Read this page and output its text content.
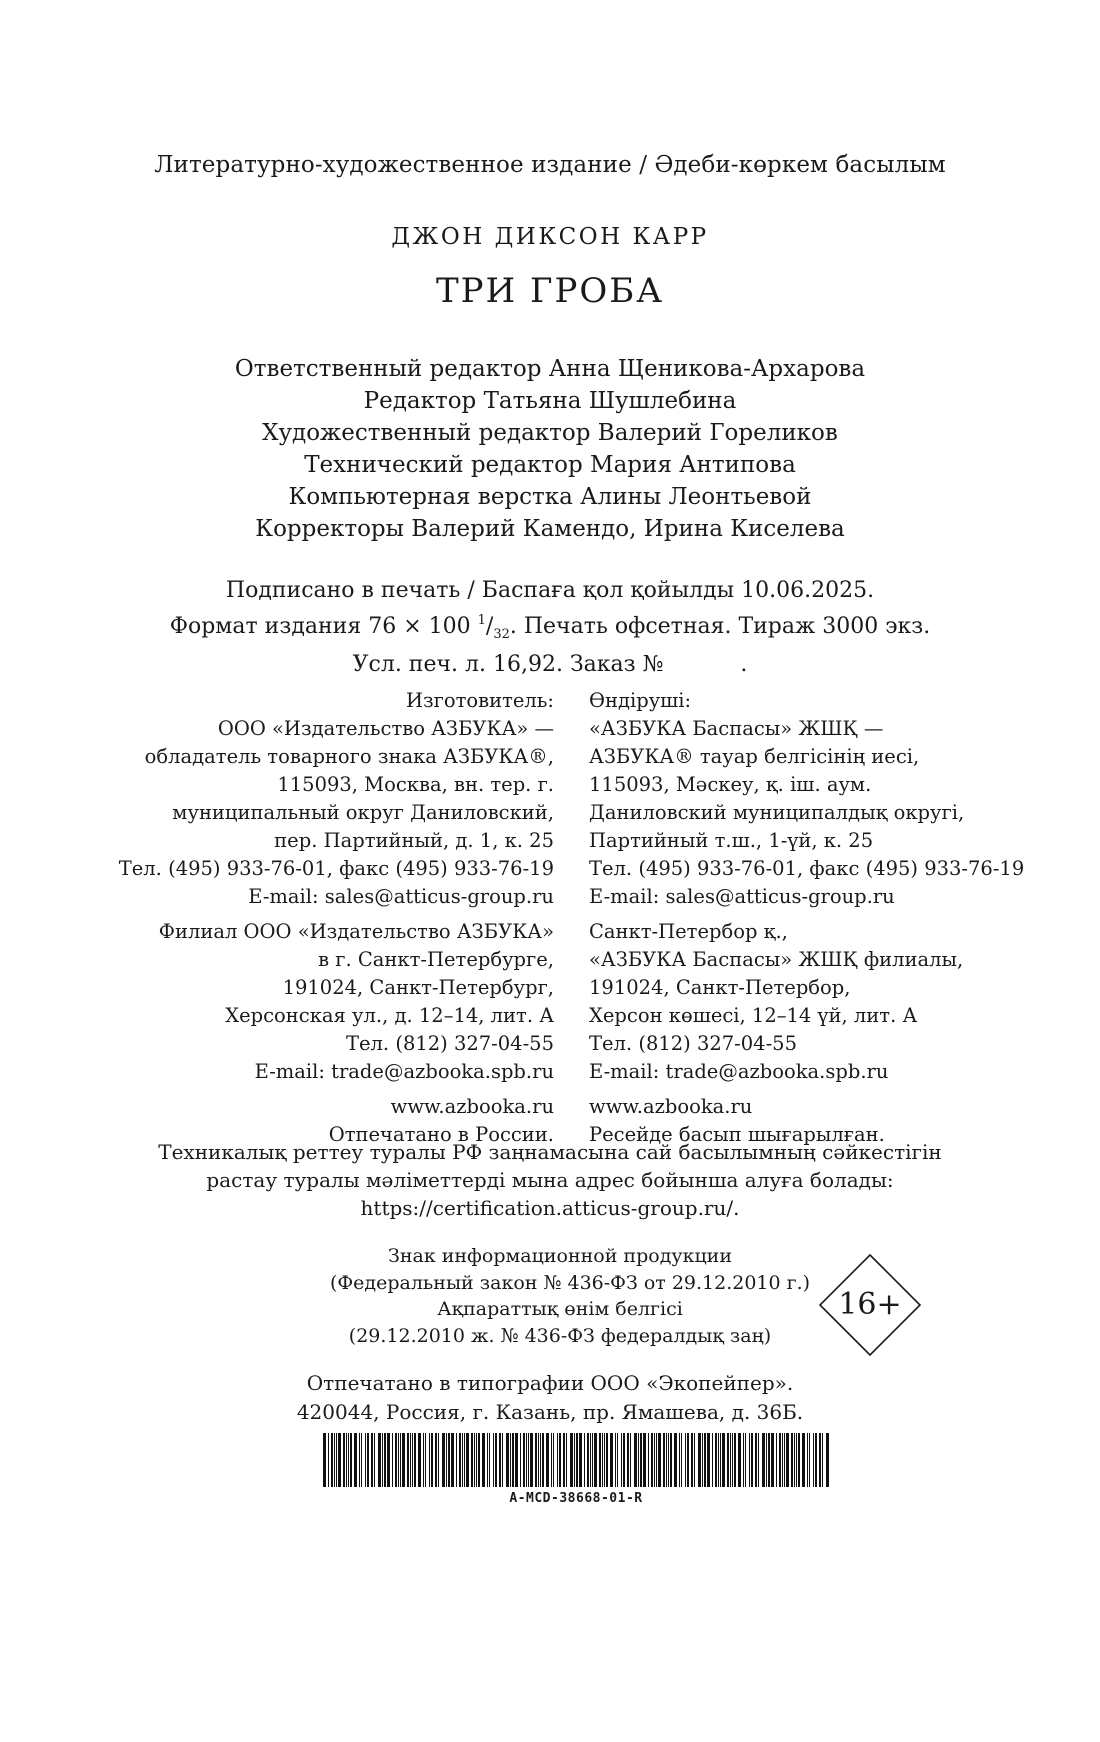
Литературно-художественное издание / Әдеби-көркем басылым
ДЖОН ДИКСОН КАРР
ТРИ ГРОБА
Ответственный редактор Анна Щеникова-Архарова
Редактор Татьяна Шушлебина
Художественный редактор Валерий Гореликов
Технический редактор Мария Антипова
Компьютерная верстка Алины Леонтьевой
Корректоры Валерий Камендо, Ирина Киселева
Подписано в печать / Баспаға қол қойылды 10.06.2025.
Формат издания 76 × 100 $^1/_{32}$. Печать офсетная. Тираж 3000 экз.
Усл. печ. л. 16,92. Заказ №           .
Изготовитель:
ООО «Издательство АЗБУКА» —
обладатель товарного знака АЗБУКА®,
115093, Москва, вн. тер. г.
муниципальный округ Даниловский,
пер. Партийный, д. 1, к. 25
Тел. (495) 933-76-01, факс (495) 933-76-19
E-mail: sales@atticus-group.ru
Филиал ООО «Издательство АЗБУКА»
в г. Санкт-Петербурге,
191024, Санкт-Петербург,
Херсонская ул., д. 12–14, лит. А
Тел. (812) 327-04-55
E-mail: trade@azbooka.spb.ru
www.azbooka.ru
Отпечатано в России.
Өндіруші:
«АЗБУКА Баспасы» ЖШҚ —
АЗБУКА® тауар белгісінің иесі,
115093, Мәскеу, қ. іш. аум.
Даниловский муниципалдық округі,
Партийный т.ш., 1-үй, к. 25
Тел. (495) 933-76-01, факс (495) 933-76-19
E-mail: sales@atticus-group.ru
Санкт-Петербор қ.,
«АЗБУКА Баспасы» ЖШҚ филиалы,
191024, Санкт-Петербор,
Херсон көшесі, 12–14 үй, лит. А
Тел. (812) 327-04-55
E-mail: trade@azbooka.spb.ru
www.azbooka.ru
Ресейде басып шығарылған.
Техникалық реттеу туралы РФ заңнамасына сай басылымның сәйкестігін
растау туралы мәліметтерді мына адрес бойынша алуға болады:
https://certification.atticus-group.ru/.
Знак информационной продукции
(Федеральный закон № 436-ФЗ от 29.12.2010 г.)
Ақпараттық өнім белгісі
(29.12.2010 ж. № 436-ФЗ федералдық заң)
16+
Отпечатано в типографии ООО «Экопейпер».
420044, Россия, г. Казань, пр. Ямашева, д. 36Б.
A-MCD-38668-01-R
